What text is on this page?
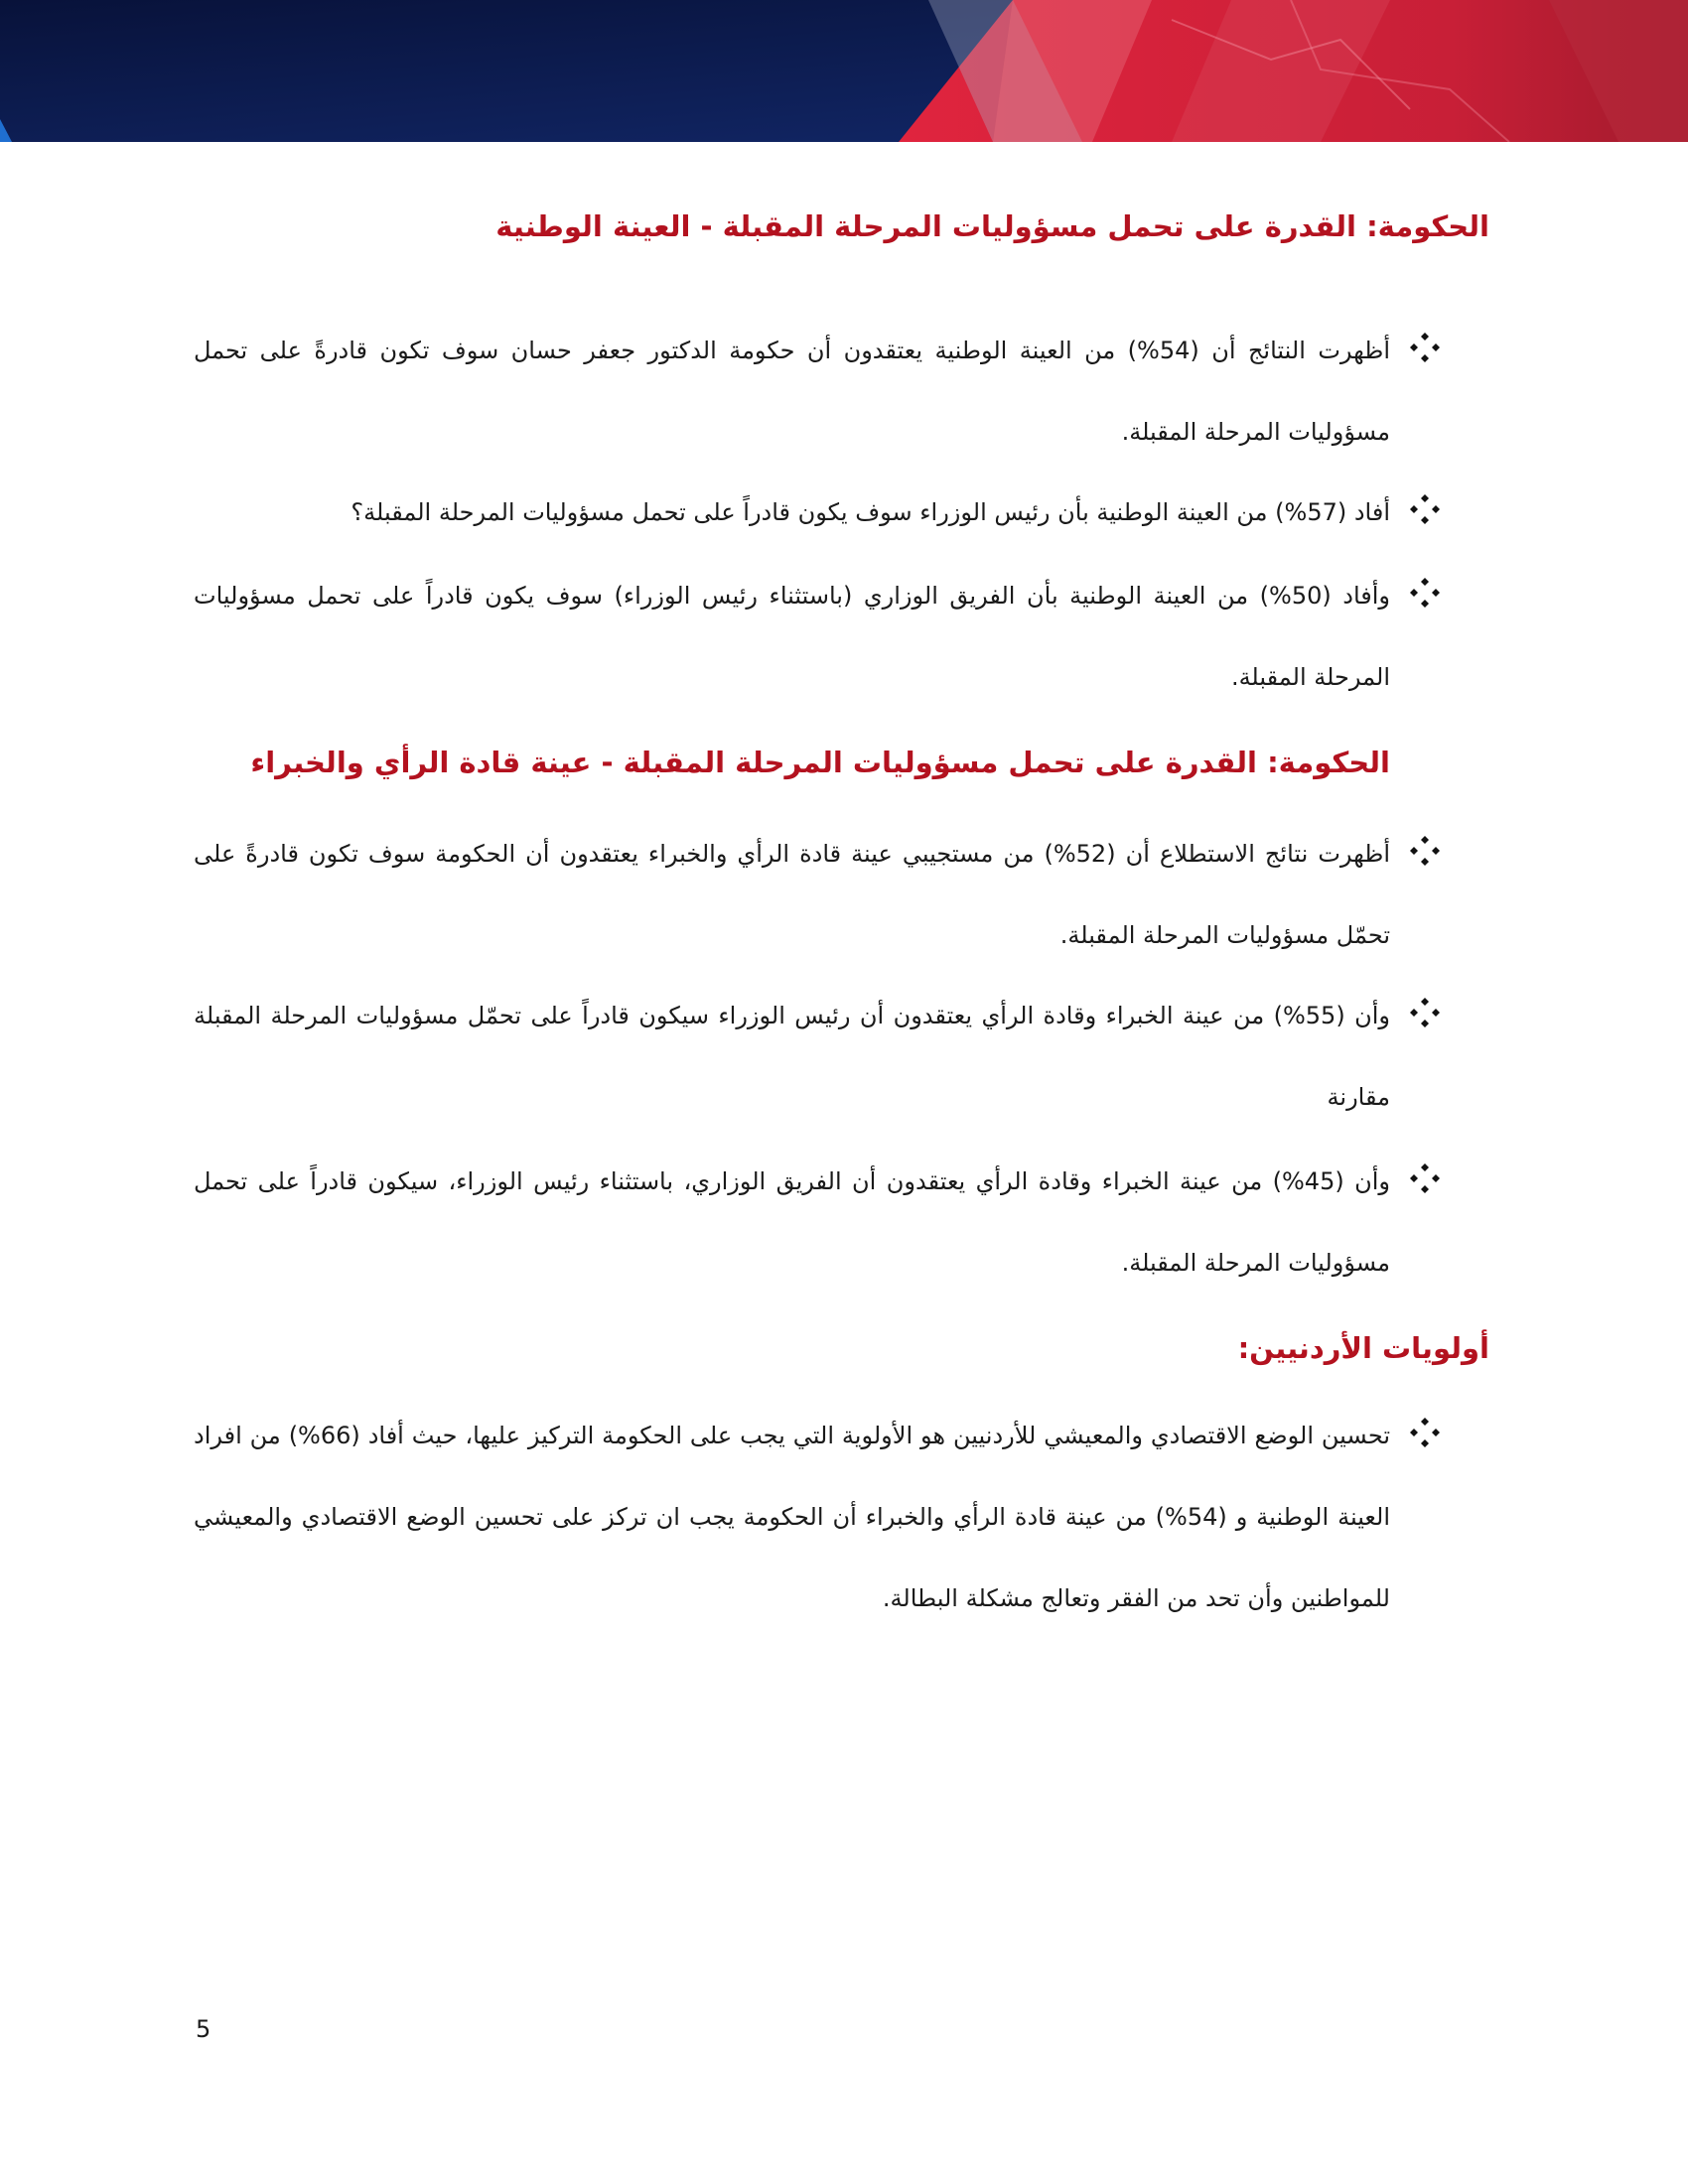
الحكومة: القدرة على تحمل مسؤوليات المرحلة المقبلة - العينة الوطنية
أظهرت النتائج أن (54%) من العينة الوطنية يعتقدون أن حكومة الدكتور جعفر حسان سوف تكون قادرةً على تحمل مسؤوليات المرحلة المقبلة.
أفاد (57%) من العينة الوطنية بأن رئيس الوزراء سوف يكون قادراً على تحمل مسؤوليات المرحلة المقبلة؟
وأفاد (50%) من العينة الوطنية بأن الفريق الوزاري (باستثناء رئيس الوزراء) سوف يكون قادراً على تحمل مسؤوليات المرحلة المقبلة.
الحكومة: القدرة على تحمل مسؤوليات المرحلة المقبلة - عينة قادة الرأي والخبراء
أظهرت نتائج الاستطلاع أن (52%) من مستجيبي عينة قادة الرأي والخبراء يعتقدون أن الحكومة سوف تكون قادرةً على تحمّل مسؤوليات المرحلة المقبلة.
وأن (55%) من عينة الخبراء وقادة الرأي يعتقدون أن رئيس الوزراء سيكون قادراً على تحمّل مسؤوليات المرحلة المقبلة مقارنة
وأن (45%) من عينة الخبراء وقادة الرأي يعتقدون أن الفريق الوزاري، باستثناء رئيس الوزراء، سيكون قادراً على تحمل مسؤوليات المرحلة المقبلة.
أولويات الأردنيين:
تحسين الوضع الاقتصادي والمعيشي للأردنيين هو الأولوية التي يجب على الحكومة التركيز عليها، حيث أفاد (66%) من افراد العينة الوطنية و (54%) من عينة قادة الرأي والخبراء أن الحكومة يجب ان تركز على تحسين الوضع الاقتصادي والمعيشي للمواطنين وأن تحد من الفقر وتعالج مشكلة البطالة.
5
